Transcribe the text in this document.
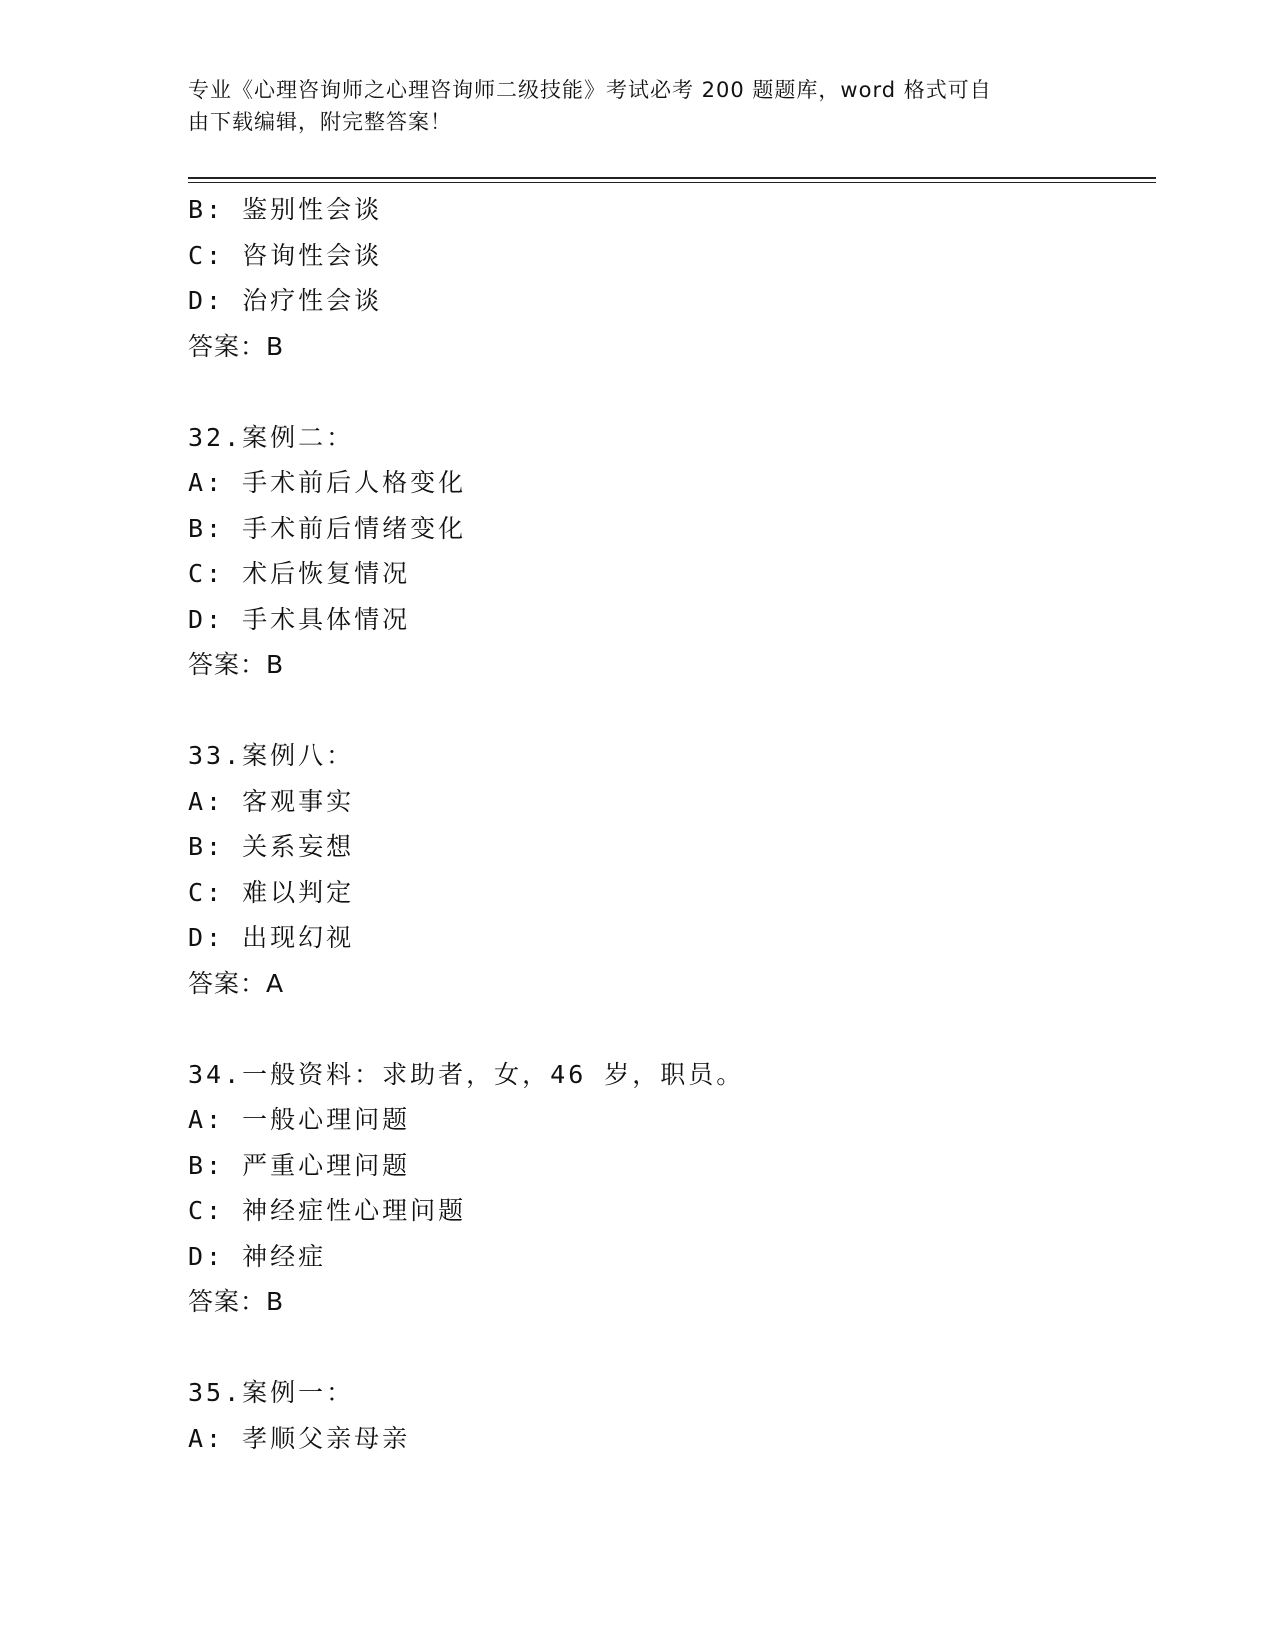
专业《心理咨询师之心理咨询师二级技能》考试必考 200 题题库，word 格式可自
由下载编辑，附完整答案！
B: 鉴别性会谈
C: 咨询性会谈
D: 治疗性会谈
答案：B
32.案例二：
A: 手术前后人格变化
B: 手术前后情绪变化
C: 术后恢复情况
D: 手术具体情况
答案：B
33.案例八：
A: 客观事实
B: 关系妄想
C: 难以判定
D: 出现幻视
答案：A
34.一般资料：求助者，女，46 岁，职员。
A: 一般心理问题
B: 严重心理问题
C: 神经症性心理问题
D: 神经症
答案：B
35.案例一：
A: 孝顺父亲母亲
